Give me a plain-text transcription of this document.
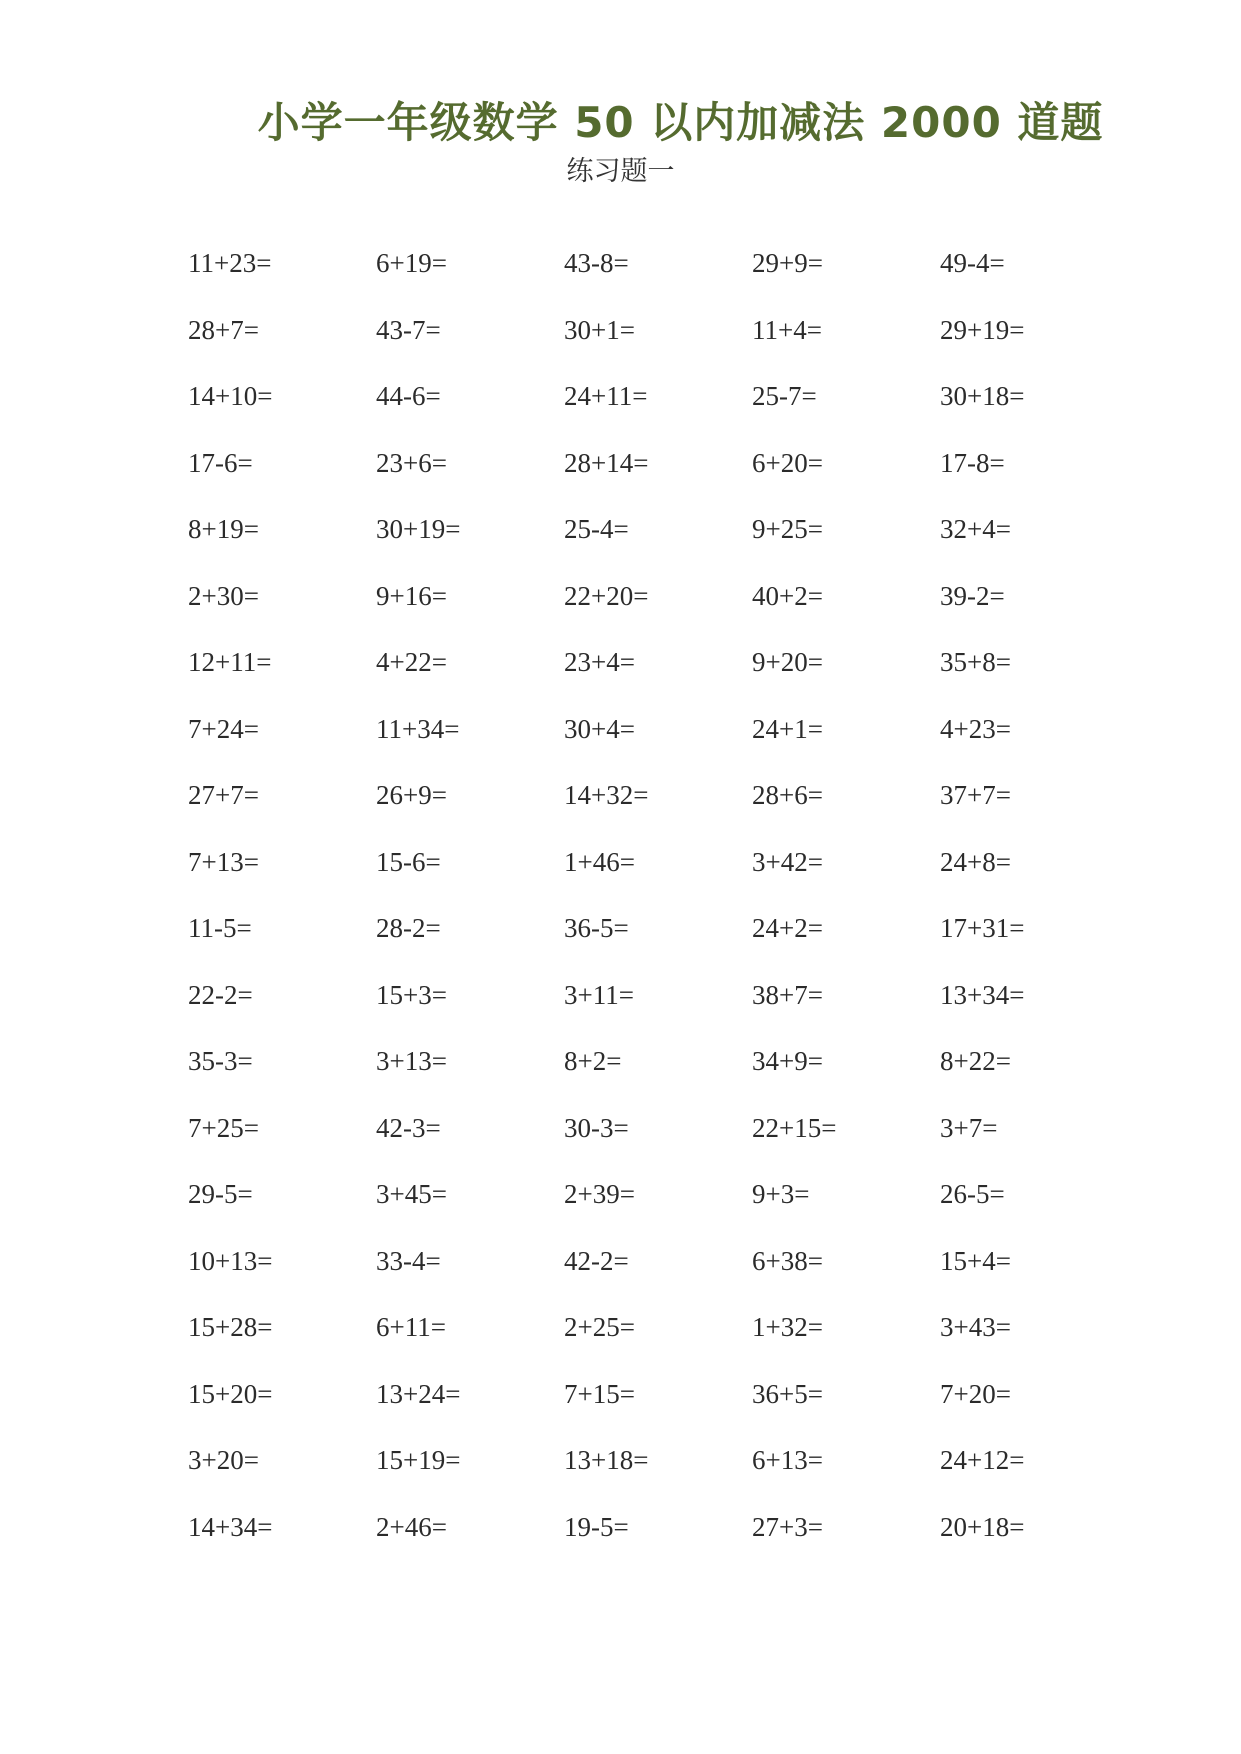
小学一年级数学 50 以内加减法 2000 道题
练习题一
11+23=	6+19=	43-8=	29+9=	49-4=
28+7=	43-7=	30+1=	11+4=	29+19=
14+10=	44-6=	24+11=	25-7=	30+18=
17-6=	23+6=	28+14=	6+20=	17-8=
8+19=	30+19=	25-4=	9+25=	32+4=
2+30=	9+16=	22+20=	40+2=	39-2=
12+11=	4+22=	23+4=	9+20=	35+8=
7+24=	11+34=	30+4=	24+1=	4+23=
27+7=	26+9=	14+32=	28+6=	37+7=
7+13=	15-6=	1+46=	3+42=	24+8=
11-5=	28-2=	36-5=	24+2=	17+31=
22-2=	15+3=	3+11=	38+7=	13+34=
35-3=	3+13=	8+2=	34+9=	8+22=
7+25=	42-3=	30-3=	22+15=	3+7=
29-5=	3+45=	2+39=	9+3=	26-5=
10+13=	33-4=	42-2=	6+38=	15+4=
15+28=	6+11=	2+25=	1+32=	3+43=
15+20=	13+24=	7+15=	36+5=	7+20=
3+20=	15+19=	13+18=	6+13=	24+12=
14+34=	2+46=	19-5=	27+3=	20+18=
